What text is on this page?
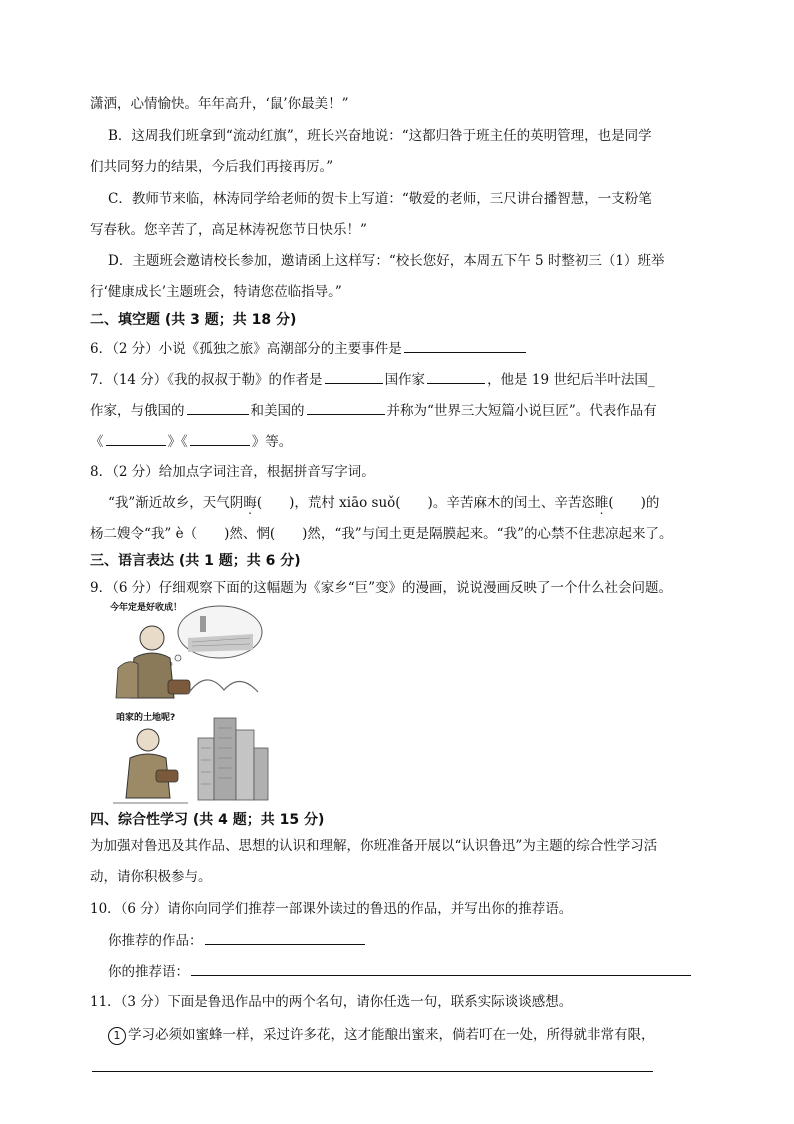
潇洒，心情愉快。年年高升，‘鼠’你最美！”
B．这周我们班拿到“流动红旗”，班长兴奋地说：“这都归咎于班主任的英明管理，也是同学
们共同努力的结果，今后我们再接再厉。”
C．教师节来临，林涛同学给老师的贺卡上写道：“敬爱的老师，三尺讲台播智慧，一支粉笔
写春秋。您辛苦了，高足林涛祝您节日快乐！”
D．主题班会邀请校长参加，邀请函上这样写：“校长您好，本周五下午 5 时整初三（1）班举
行‘健康成长’主题班会，特请您莅临指导。”
二、填空题 (共 3 题；共 18 分)
6．（2 分）小说《孤独之旅》高潮部分的主要事件是
7．（14 分）《我的叔叔于勒》的作者是	国作家	，他是 19 世纪后半叶法国_
作家，与俄国的	和美国的	并称为“世界三大短篇小说巨匠”。代表作品有
《	》《	》等。
8．（2 分）给加点字词注音，根据拼音写字词。
“我”渐近故乡，天气阴晦(　　)，荒村 xiāo suǒ(　　)。辛苦麻木的闰土、辛苦恣睢(　　)的
杨二嫂令“我” è（　　)然、惘(　　)然，“我”与闰土更是隔膜起来。“我”的心禁不住悲凉起来了。
三、语言表达 (共 1 题；共 6 分)
9．（6 分）仔细观察下面的这幅题为《家乡“巨”变》的漫画，说说漫画反映了一个什么社会问题。
今年定是好收成！
咱家的土地呢?
四、综合性学习 (共 4 题；共 15 分)
为加强对鲁迅及其作品、思想的认识和理解，你班准备开展以“认识鲁迅”为主题的综合性学习活
动，请你积极参与。
10．（6 分）请你向同学们推荐一部课外读过的鲁迅的作品，并写出你的推荐语。
你推荐的作品：
你的推荐语：
11．（3 分）下面是鲁迅作品中的两个名句，请你任选一句，联系实际谈谈感想。
1 学习必须如蜜蜂一样，采过许多花，这才能酿出蜜来，倘若叮在一处，所得就非常有限，
